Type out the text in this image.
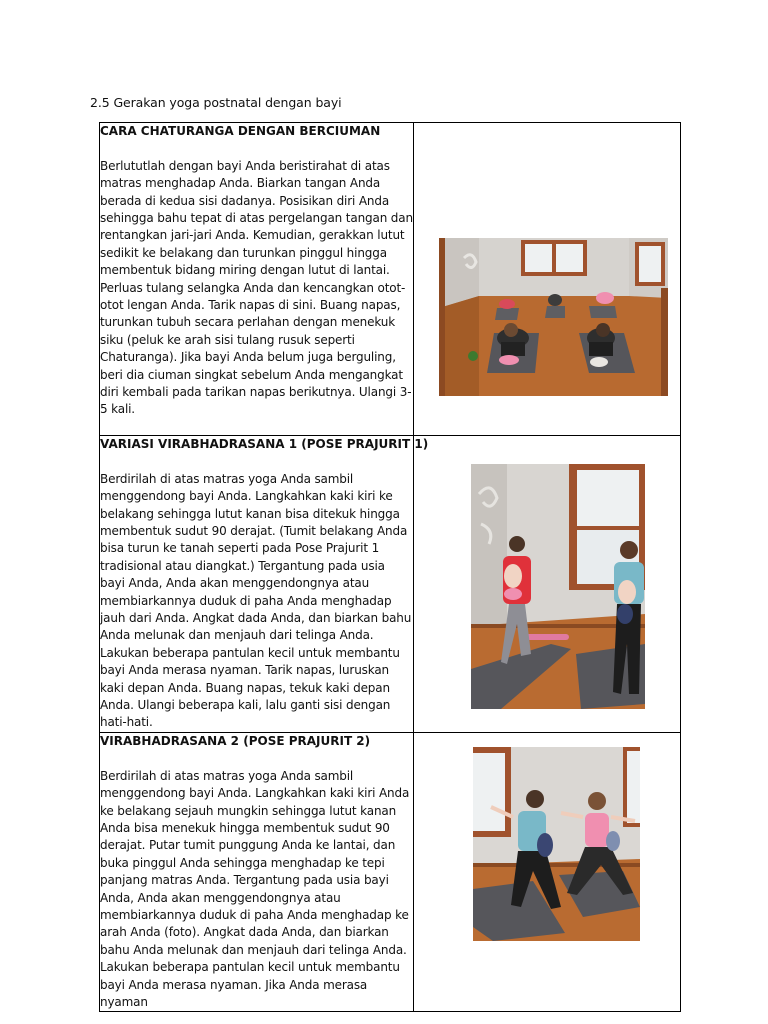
2.5 Gerakan yoga postnatal dengan bayi

CARA CHATURANGA DENGAN BERCIUMAN

Berlututlah dengan bayi Anda beristirahat di atas matras menghadap Anda. Biarkan tangan Anda berada di kedua sisi dadanya. Posisikan diri Anda sehingga bahu tepat di atas pergelangan tangan dan rentangkan jari-jari Anda. Kemudian, gerakkan lutut sedikit ke belakang dan turunkan pinggul hingga membentuk bidang miring dengan lutut di lantai. Perluas tulang selangka Anda dan kencangkan otot-otot lengan Anda. Tarik napas di sini. Buang napas, turunkan tubuh secara perlahan dengan menekuk siku (peluk ke arah sisi tulang rusuk seperti Chaturanga). Jika bayi Anda belum juga berguling, beri dia ciuman singkat sebelum Anda mengangkat diri kembali pada tarikan napas berikutnya. Ulangi 3-5 kali.

VARIASI VIRABHADRASANA 1 (POSE PRAJURIT 1)

Berdirilah di atas matras yoga Anda sambil menggendong bayi Anda. Langkahkan kaki kiri ke belakang sehingga lutut kanan bisa ditekuk hingga membentuk sudut 90 derajat. (Tumit belakang Anda bisa turun ke tanah seperti pada Pose Prajurit 1 tradisional atau diangkat.) Tergantung pada usia bayi Anda, Anda akan menggendongnya atau membiarkannya duduk di paha Anda menghadap jauh dari Anda. Angkat dada Anda, dan biarkan bahu Anda melunak dan menjauh dari telinga Anda. Lakukan beberapa pantulan kecil untuk membantu bayi Anda merasa nyaman. Tarik napas, luruskan kaki depan Anda. Buang napas, tekuk kaki depan Anda. Ulangi beberapa kali, lalu ganti sisi dengan hati-hati.

VIRABHADRASANA 2 (POSE PRAJURIT 2)

Berdirilah di atas matras yoga Anda sambil menggendong bayi Anda. Langkahkan kaki kiri Anda ke belakang sejauh mungkin sehingga lutut kanan Anda bisa menekuk hingga membentuk sudut 90 derajat. Putar tumit punggung Anda ke lantai, dan buka pinggul Anda sehingga menghadap ke tepi panjang matras Anda. Tergantung pada usia bayi Anda, Anda akan menggendongnya atau membiarkannya duduk di paha Anda menghadap ke arah Anda (foto). Angkat dada Anda, dan biarkan bahu Anda melunak dan menjauh dari telinga Anda. Lakukan beberapa pantulan kecil untuk membantu bayi Anda merasa nyaman. Jika Anda merasa nyaman
